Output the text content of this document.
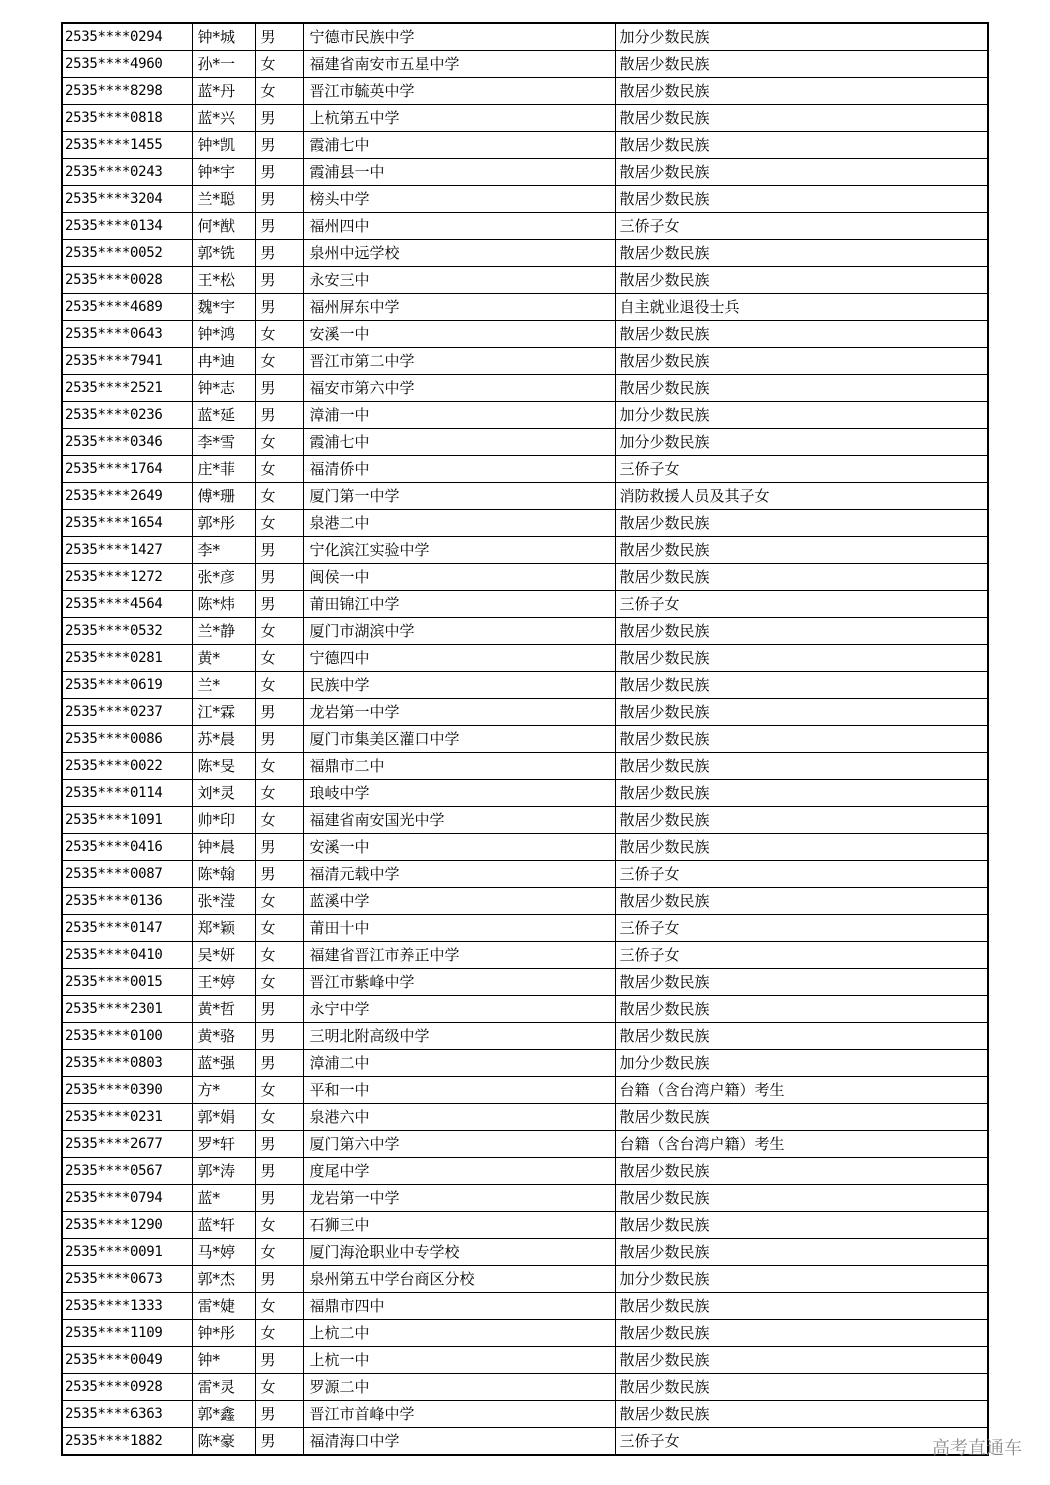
2535****0294	钟*城	男	宁德市民族中学	加分少数民族
2535****4960	孙*一	女	福建省南安市五星中学	散居少数民族
2535****8298	蓝*丹	女	晋江市毓英中学	散居少数民族
2535****0818	蓝*兴	男	上杭第五中学	散居少数民族
2535****1455	钟*凯	男	霞浦七中	散居少数民族
2535****0243	钟*宇	男	霞浦县一中	散居少数民族
2535****3204	兰*聪	男	榜头中学	散居少数民族
2535****0134	何*猷	男	福州四中	三侨子女
2535****0052	郭*铣	男	泉州中远学校	散居少数民族
2535****0028	王*松	男	永安三中	散居少数民族
2535****4689	魏*宇	男	福州屏东中学	自主就业退役士兵
2535****0643	钟*鸿	女	安溪一中	散居少数民族
2535****7941	冉*迪	女	晋江市第二中学	散居少数民族
2535****2521	钟*志	男	福安市第六中学	散居少数民族
2535****0236	蓝*延	男	漳浦一中	加分少数民族
2535****0346	李*雪	女	霞浦七中	加分少数民族
2535****1764	庄*菲	女	福清侨中	三侨子女
2535****2649	傅*珊	女	厦门第一中学	消防救援人员及其子女
2535****1654	郭*彤	女	泉港二中	散居少数民族
2535****1427	李*	男	宁化滨江实验中学	散居少数民族
2535****1272	张*彦	男	闽侯一中	散居少数民族
2535****4564	陈*炜	男	莆田锦江中学	三侨子女
2535****0532	兰*静	女	厦门市湖滨中学	散居少数民族
2535****0281	黄*	女	宁德四中	散居少数民族
2535****0619	兰*	女	民族中学	散居少数民族
2535****0237	江*霖	男	龙岩第一中学	散居少数民族
2535****0086	苏*晨	男	厦门市集美区灌口中学	散居少数民族
2535****0022	陈*旻	女	福鼎市二中	散居少数民族
2535****0114	刘*灵	女	琅岐中学	散居少数民族
2535****1091	帅*印	女	福建省南安国光中学	散居少数民族
2535****0416	钟*晨	男	安溪一中	散居少数民族
2535****0087	陈*翰	男	福清元载中学	三侨子女
2535****0136	张*滢	女	蓝溪中学	散居少数民族
2535****0147	郑*颖	女	莆田十中	三侨子女
2535****0410	吴*妍	女	福建省晋江市养正中学	三侨子女
2535****0015	王*婷	女	晋江市紫峰中学	散居少数民族
2535****2301	黄*哲	男	永宁中学	散居少数民族
2535****0100	黄*骆	男	三明北附高级中学	散居少数民族
2535****0803	蓝*强	男	漳浦二中	加分少数民族
2535****0390	方*	女	平和一中	台籍（含台湾户籍）考生
2535****0231	郭*娟	女	泉港六中	散居少数民族
2535****2677	罗*轩	男	厦门第六中学	台籍（含台湾户籍）考生
2535****0567	郭*涛	男	度尾中学	散居少数民族
2535****0794	蓝*	男	龙岩第一中学	散居少数民族
2535****1290	蓝*轩	女	石狮三中	散居少数民族
2535****0091	马*婷	女	厦门海沧职业中专学校	散居少数民族
2535****0673	郭*杰	男	泉州第五中学台商区分校	加分少数民族
2535****1333	雷*婕	女	福鼎市四中	散居少数民族
2535****1109	钟*彤	女	上杭二中	散居少数民族
2535****0049	钟*	男	上杭一中	散居少数民族
2535****0928	雷*灵	女	罗源二中	散居少数民族
2535****6363	郭*鑫	男	晋江市首峰中学	散居少数民族
2535****1882	陈*豪	男	福清海口中学	三侨子女	高考直通车
